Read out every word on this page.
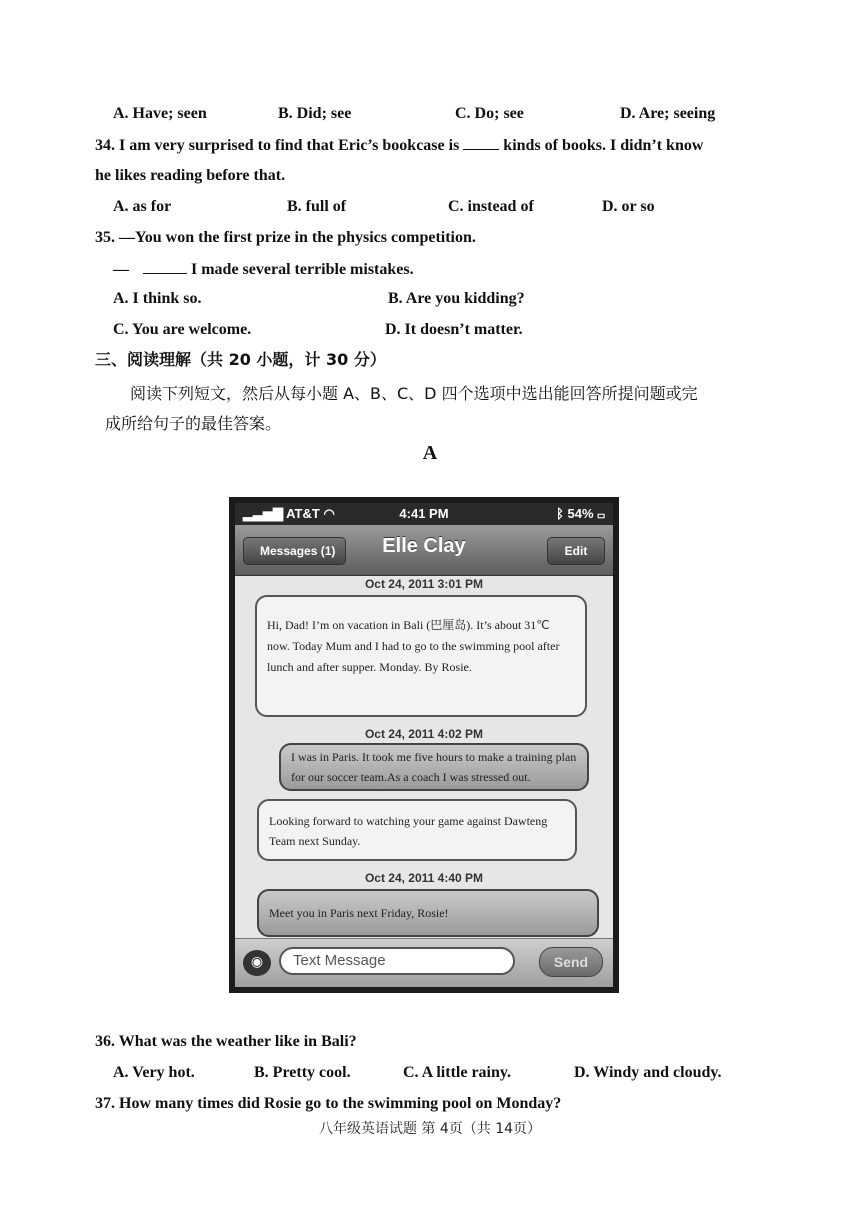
A. Have; seen	B. Did; see	C. Do; see	D. Are; seeing
34. I am very surprised to find that Eric’s bookcase is  kinds of books. I didn’t know
he likes reading before that.
A. as for	B. full of	C. instead of	D. or so
35. —You won the first prize in the physics competition.
—	I made several terrible mistakes.
A. I think so.	B. Are you kidding?
C. You are welcome.	D. It doesn’t matter.
三、阅读理解（共 20 小题，计 30 分）
阅读下列短文，然后从每小题 A、B、C、D 四个选项中选出能回答所提问题或完
成所给句子的最佳答案。
A
▂▃▅▇ AT&T ◠	4:41 PM	ᛒ 54% ▭
Messages (1)	Elle Clay	Edit
Oct 24, 2011 3:01 PM
Hi, Dad! I’m on vacation in Bali (巴厘岛). It’s about 31℃ now. Today Mum and I had to go to the swimming pool after lunch and after supper. Monday. By Rosie.
Oct 24, 2011 4:02 PM
I was in Paris. It took me five hours to make a training plan for our soccer team.As a coach I was stressed out.
Looking forward to watching your game against Dawteng Team next Sunday.
Oct 24, 2011 4:40 PM
Meet you in Paris next Friday, Rosie!
◉	Text Message	Send
36. What was the weather like in Bali?
A. Very hot.	B. Pretty cool.	C. A little rainy.	D. Windy and cloudy.
37. How many times did Rosie go to the swimming pool on Monday?
八年级英语试题 第 4页（共 14页）
